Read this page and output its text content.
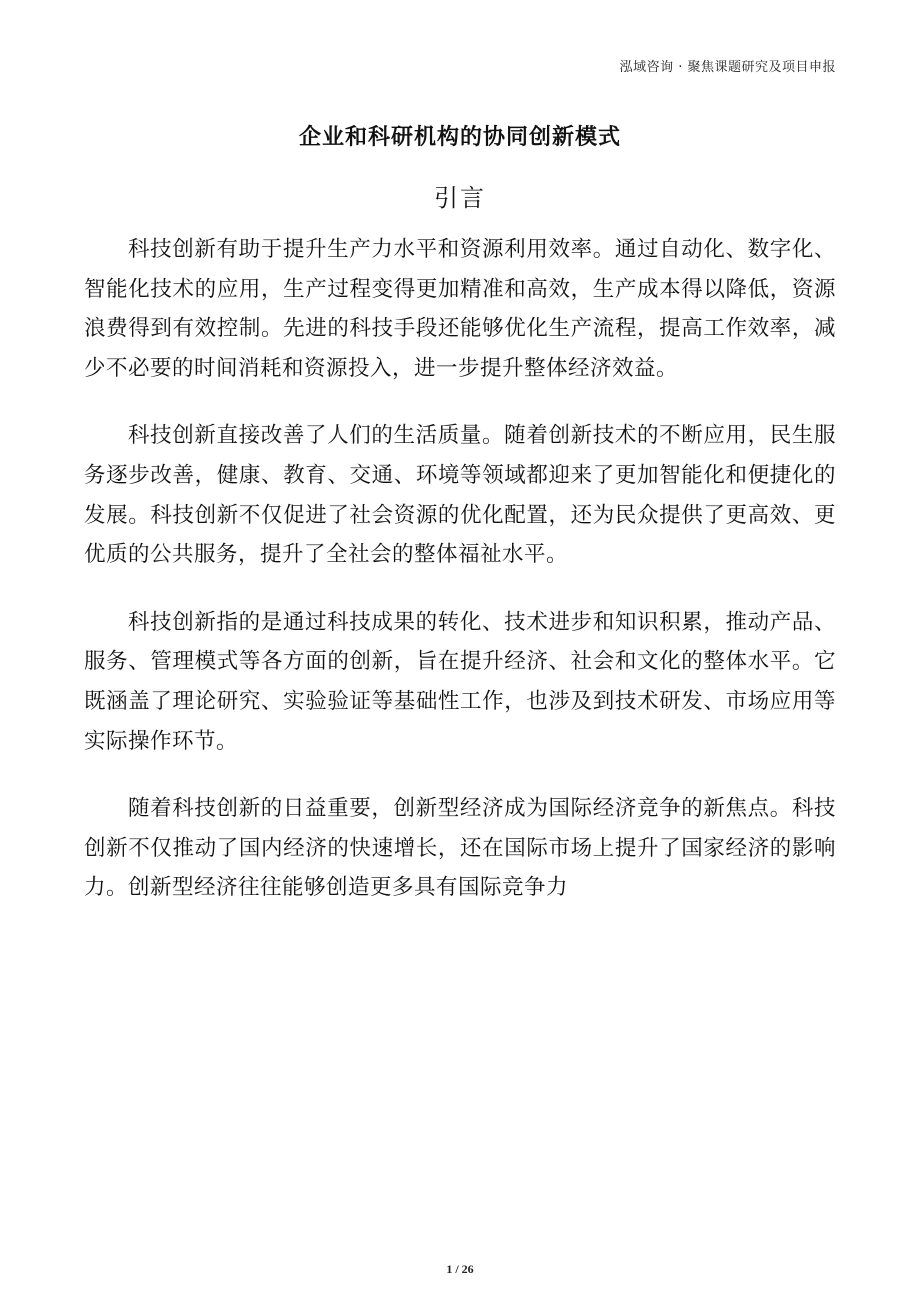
泓域咨询 · 聚焦课题研究及项目申报
企业和科研机构的协同创新模式
引言

科技创新有助于提升生产力水平和资源利用效率。通过自动化、数字化、智能化技术的应用，生产过程变得更加精准和高效，生产成本得以降低，资源浪费得到有效控制。先进的科技手段还能够优化生产流程，提高工作效率，减少不必要的时间消耗和资源投入，进一步提升整体经济效益。

科技创新直接改善了人们的生活质量。随着创新技术的不断应用，民生服务逐步改善，健康、教育、交通、环境等领域都迎来了更加智能化和便捷化的发展。科技创新不仅促进了社会资源的优化配置，还为民众提供了更高效、更优质的公共服务，提升了全社会的整体福祉水平。

科技创新指的是通过科技成果的转化、技术进步和知识积累，推动产品、服务、管理模式等各方面的创新，旨在提升经济、社会和文化的整体水平。它既涵盖了理论研究、实验验证等基础性工作，也涉及到技术研发、市场应用等实际操作环节。

随着科技创新的日益重要，创新型经济成为国际经济竞争的新焦点。科技创新不仅推动了国内经济的快速增长，还在国际市场上提升了国家经济的影响力。创新型经济往往能够创造更多具有国际竞争力

1 / 26
